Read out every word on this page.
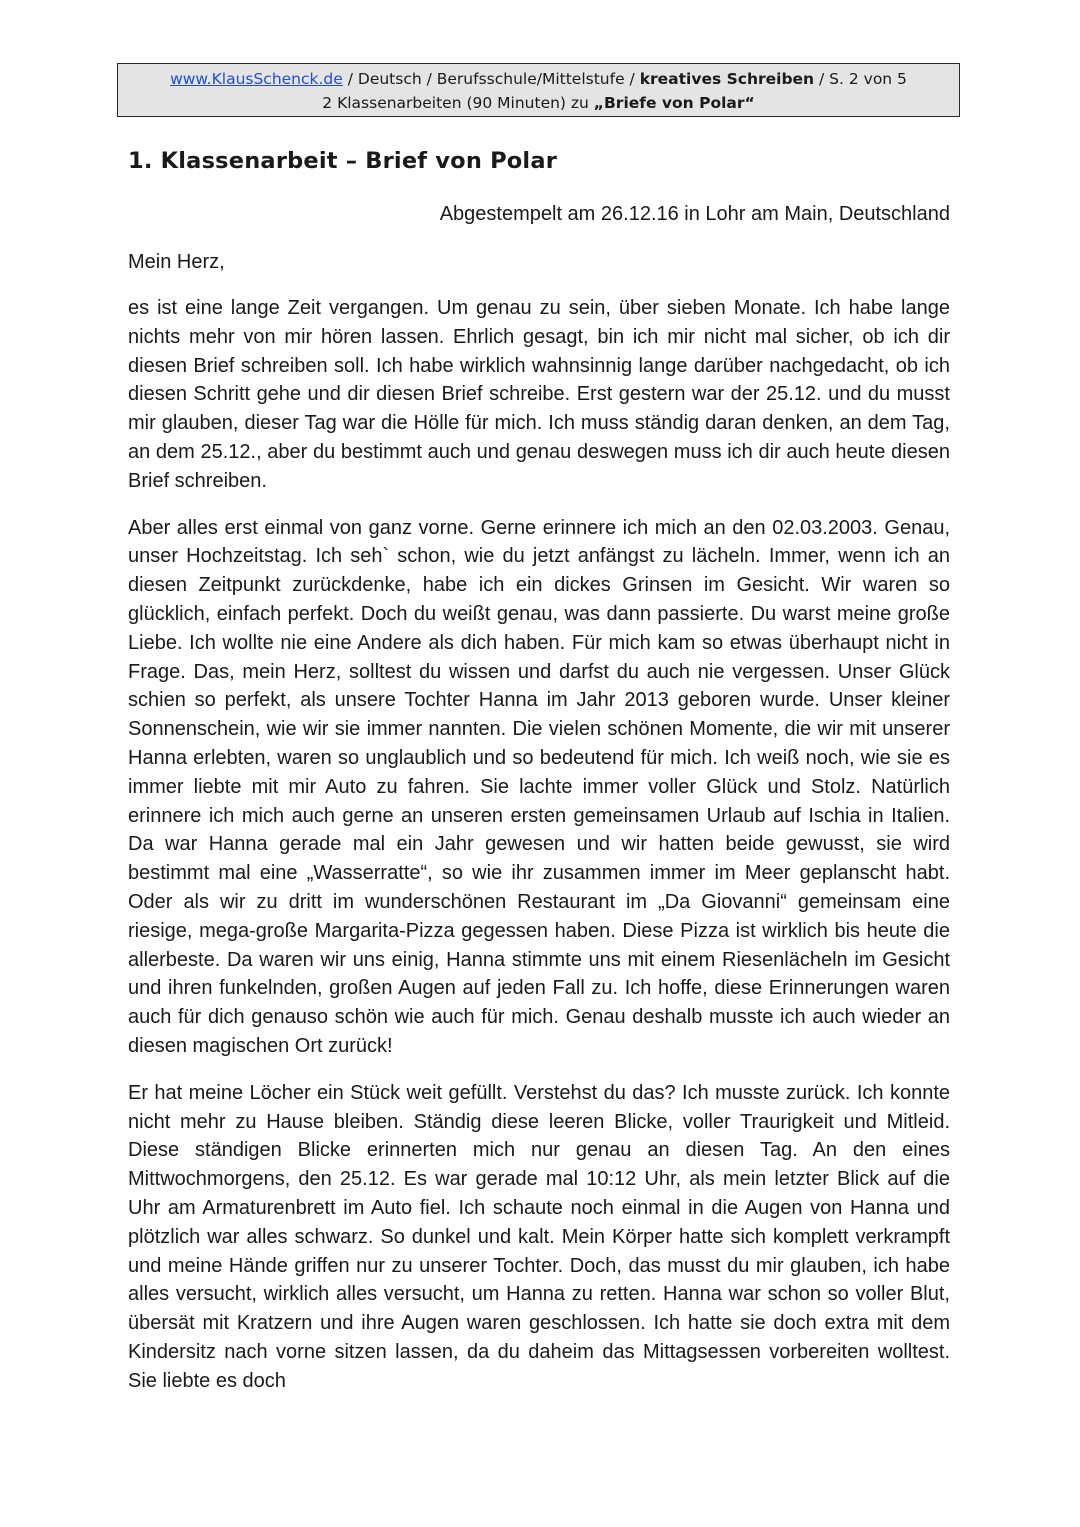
www.KlausSchenck.de / Deutsch / Berufsschule/Mittelstufe / kreatives Schreiben / S. 2 von 5
2 Klassenarbeiten (90 Minuten) zu „Briefe von Polar“
1. Klassenarbeit – Brief von Polar
Abgestempelt am 26.12.16 in Lohr am Main, Deutschland
Mein Herz,

es ist eine lange Zeit vergangen. Um genau zu sein, über sieben Monate. Ich habe lange nichts mehr von mir hören lassen. Ehrlich gesagt, bin ich mir nicht mal sicher, ob ich dir diesen Brief schreiben soll. Ich habe wirklich wahnsinnig lange darüber nachgedacht, ob ich diesen Schritt gehe und dir diesen Brief schreibe. Erst gestern war der 25.12. und du musst mir glauben, dieser Tag war die Hölle für mich. Ich muss ständig daran denken, an dem Tag, an dem 25.12., aber du bestimmt auch und genau deswegen muss ich dir auch heute diesen Brief schreiben.

Aber alles erst einmal von ganz vorne. Gerne erinnere ich mich an den 02.03.2003. Genau, unser Hochzeitstag. Ich seh` schon, wie du jetzt anfängst zu lächeln. Immer, wenn ich an diesen Zeitpunkt zurückdenke, habe ich ein dickes Grinsen im Gesicht. Wir waren so glücklich, einfach perfekt. Doch du weißt genau, was dann passierte. Du warst meine große Liebe. Ich wollte nie eine Andere als dich haben. Für mich kam so etwas überhaupt nicht in Frage. Das, mein Herz, solltest du wissen und darfst du auch nie vergessen. Unser Glück schien so perfekt, als unsere Tochter Hanna im Jahr 2013 geboren wurde. Unser kleiner Sonnenschein, wie wir sie immer nannten. Die vielen schönen Momente, die wir mit unserer Hanna erlebten, waren so unglaublich und so bedeutend für mich. Ich weiß noch, wie sie es immer liebte mit mir Auto zu fahren. Sie lachte immer voller Glück und Stolz. Natürlich erinnere ich mich auch gerne an unseren ersten gemeinsamen Urlaub auf Ischia in Italien. Da war Hanna gerade mal ein Jahr gewesen und wir hatten beide gewusst, sie wird bestimmt mal eine „Wasserratte“, so wie ihr zusammen immer im Meer geplanscht habt. Oder als wir zu dritt im wunderschönen Restaurant im „Da Giovanni“ gemeinsam eine riesige, mega-große Margarita-Pizza gegessen haben. Diese Pizza ist wirklich bis heute die allerbeste. Da waren wir uns einig, Hanna stimmte uns mit einem Riesenlächeln im Gesicht und ihren funkelnden, großen Augen auf jeden Fall zu. Ich hoffe, diese Erinnerungen waren auch für dich genauso schön wie auch für mich. Genau deshalb musste ich auch wieder an diesen magischen Ort zurück!

Er hat meine Löcher ein Stück weit gefüllt. Verstehst du das? Ich musste zurück. Ich konnte nicht mehr zu Hause bleiben. Ständig diese leeren Blicke, voller Traurigkeit und Mitleid. Diese ständigen Blicke erinnerten mich nur genau an diesen Tag. An den eines Mittwochmorgens, den 25.12. Es war gerade mal 10:12 Uhr, als mein letzter Blick auf die Uhr am Armaturenbrett im Auto fiel. Ich schaute noch einmal in die Augen von Hanna und plötzlich war alles schwarz. So dunkel und kalt. Mein Körper hatte sich komplett verkrampft und meine Hände griffen nur zu unserer Tochter. Doch, das musst du mir glauben, ich habe alles versucht, wirklich alles versucht, um Hanna zu retten. Hanna war schon so voller Blut, übersät mit Kratzern und ihre Augen waren geschlossen. Ich hatte sie doch extra mit dem Kindersitz nach vorne sitzen lassen, da du daheim das Mittagsessen vorbereiten wolltest. Sie liebte es doch
